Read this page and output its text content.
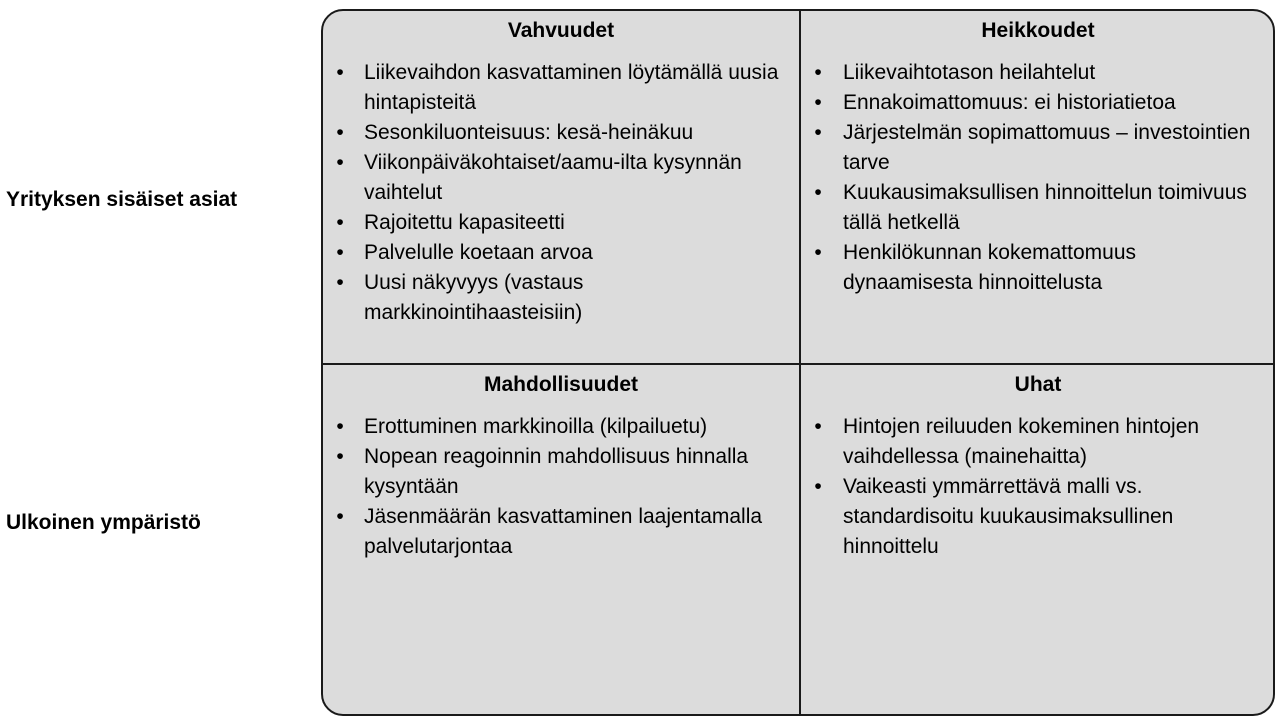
Yrityksen sisäiset asiat
Ulkoinen ympäristö
Vahvuudet
• Liikevaihdon kasvattaminen löytämällä uusia hintapisteitä
• Sesonkiluonteisuus: kesä-heinäkuu
• Viikonpäiväkohtaiset/aamu-ilta kysynnän vaihtelut
• Rajoitettu kapasiteetti
• Palvelulle koetaan arvoa
• Uusi näkyvyys (vastaus markkinointihaasteisiin)
Heikkoudet
• Liikevaihtotason heilahtelut
• Ennakoimattomuus: ei historiatietoa
• Järjestelmän sopimattomuus – investointien tarve
• Kuukausimaksullisen hinnoittelun toimivuus tällä hetkellä
• Henkilökunnan kokemattomuus dynaamisesta hinnoittelusta
Mahdollisuudet
• Erottuminen markkinoilla (kilpailuetu)
• Nopean reagoinnin mahdollisuus hinnalla kysyntään
• Jäsenmäärän kasvattaminen laajentamalla palvelutarjontaa
Uhat
• Hintojen reiluuden kokeminen hintojen vaihdellessa (mainehaitta)
• Vaikeasti ymmärrettävä malli vs. standardisoitu kuukausimaksullinen hinnoittelu
